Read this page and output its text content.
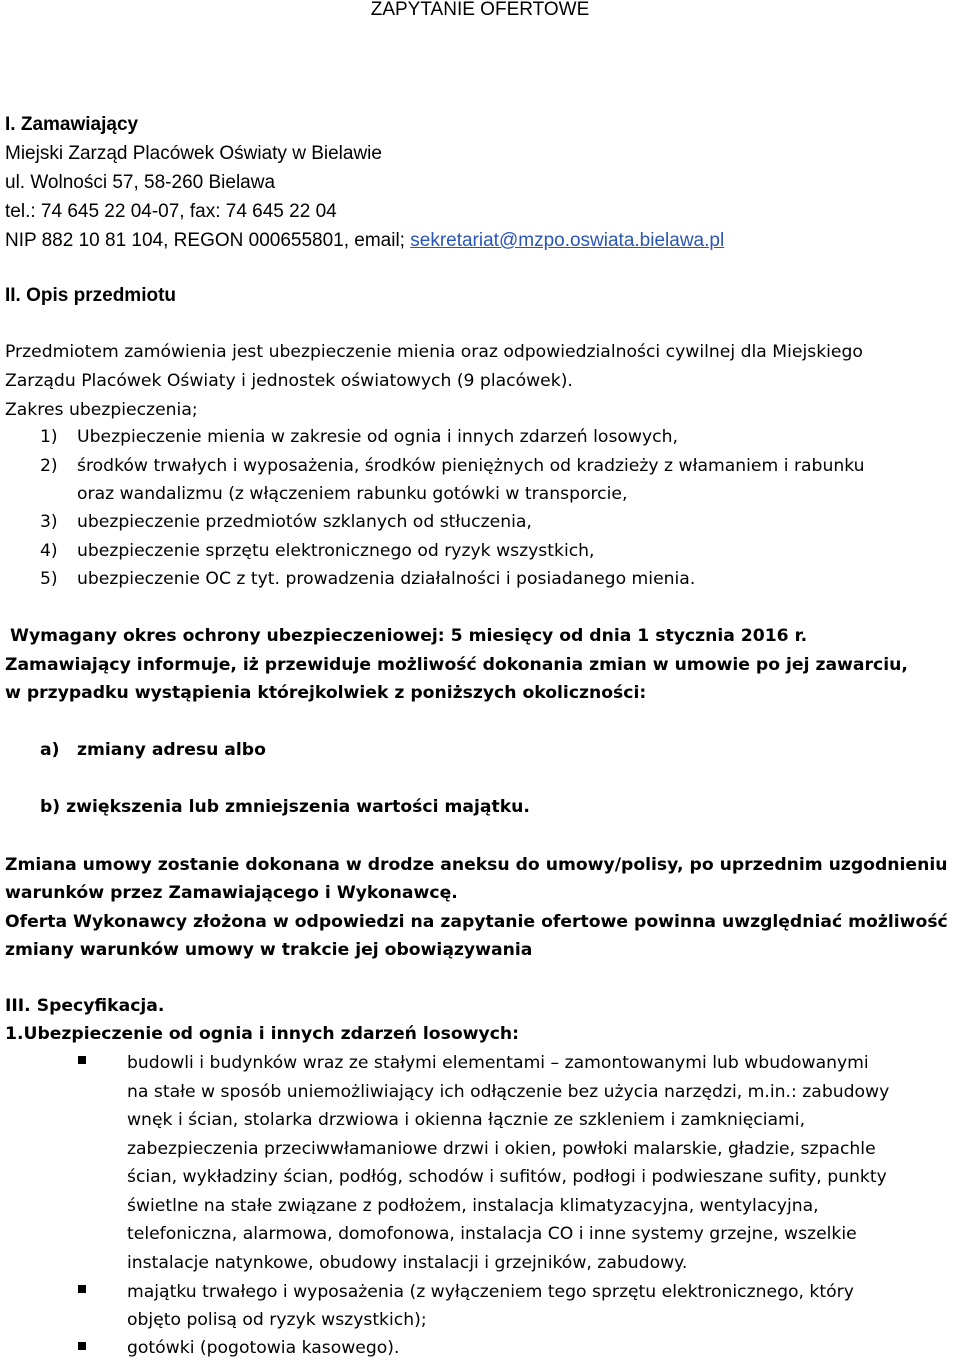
ZAPYTANIE OFERTOWE
I. Zamawiający
Miejski Zarząd Placówek Oświaty w Bielawie
ul. Wolności 57, 58-260 Bielawa
tel.: 74 645 22 04-07, fax: 74 645 22 04
NIP 882 10 81 104, REGON 000655801, email; sekretariat@mzpo.oswiata.bielawa.pl
II. Opis przedmiotu
Przedmiotem zamówienia jest ubezpieczenie mienia oraz odpowiedzialności cywilnej dla Miejskiego
Zarządu Placówek Oświaty i jednostek oświatowych (9 placówek).
Zakres ubezpieczenia;
1) Ubezpieczenie mienia w zakresie od ognia i innych zdarzeń losowych,
2) środków trwałych i wyposażenia, środków pieniężnych od kradzieży z włamaniem i rabunku
oraz wandalizmu (z włączeniem rabunku gotówki w transporcie,
3) ubezpieczenie przedmiotów szklanych od stłuczenia,
4) ubezpieczenie sprzętu elektronicznego od ryzyk wszystkich,
5) ubezpieczenie OC z tyt. prowadzenia działalności i posiadanego mienia.
Wymagany okres ochrony ubezpieczeniowej: 5 miesięcy od dnia 1 stycznia 2016 r.
Zamawiający informuje, iż przewiduje możliwość dokonania zmian w umowie po jej zawarciu,
w przypadku wystąpienia którejkolwiek z poniższych okoliczności:
a) zmiany adresu albo
b) zwiększenia lub zmniejszenia wartości majątku.
Zmiana umowy zostanie dokonana w drodze aneksu do umowy/polisy, po uprzednim uzgodnieniu
warunków przez Zamawiającego i Wykonawcę.
Oferta Wykonawcy złożona w odpowiedzi na zapytanie ofertowe powinna uwzględniać możliwość
zmiany warunków umowy w trakcie jej obowiązywania
III. Specyfikacja.
1.Ubezpieczenie od ognia i innych zdarzeń losowych:
budowli i budynków wraz ze stałymi elementami – zamontowanymi lub wbudowanymi
na stałe w sposób uniemożliwiający ich odłączenie bez użycia narzędzi, m.in.: zabudowy
wnęk i ścian, stolarka drzwiowa i okienna łącznie ze szkleniem i zamknięciami,
zabezpieczenia przeciwwłamaniowe drzwi i okien, powłoki malarskie, gładzie, szpachle
ścian, wykładziny ścian, podłóg, schodów i sufitów, podłogi i podwieszane sufity, punkty
świetlne na stałe związane z podłożem, instalacja klimatyzacyjna, wentylacyjna,
telefoniczna, alarmowa, domofonowa, instalacja CO i inne systemy grzejne, wszelkie
instalacje natynkowe, obudowy instalacji i grzejników, zabudowy.
majątku trwałego i wyposażenia (z wyłączeniem tego sprzętu elektronicznego, który
objęto polisą od ryzyk wszystkich);
gotówki (pogotowia kasowego).
